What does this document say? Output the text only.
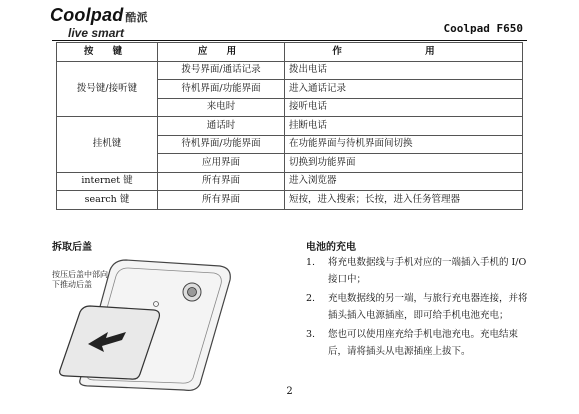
Coolpad 酷派
live smart	Coolpad F650
按 键	应 用	作 用
拨号键/接听键	拨号界面/通话记录	拨出电话
	待机界面/功能界面	进入通话记录
	来电时	接听电话
挂机键	通话时	挂断电话
	待机界面/功能界面	在功能界面与待机界面间切换
	应用界面	切换到功能界面
internet 键	所有界面	进入浏览器
search 键	所有界面	短按，进入搜索；长按，进入任务管理器
拆取后盖
按压后盖中部向下推动后盖
电池的充电
1. 将充电数据线与手机对应的一端插入手机的 I/O 接口中；
2. 充电数据线的另一端，与旅行充电器连接，并将插头插入电源插座，即可给手机电池充电；
3. 您也可以使用座充给手机电池充电。充电结束后，请将插头从电源插座上拔下。
2
